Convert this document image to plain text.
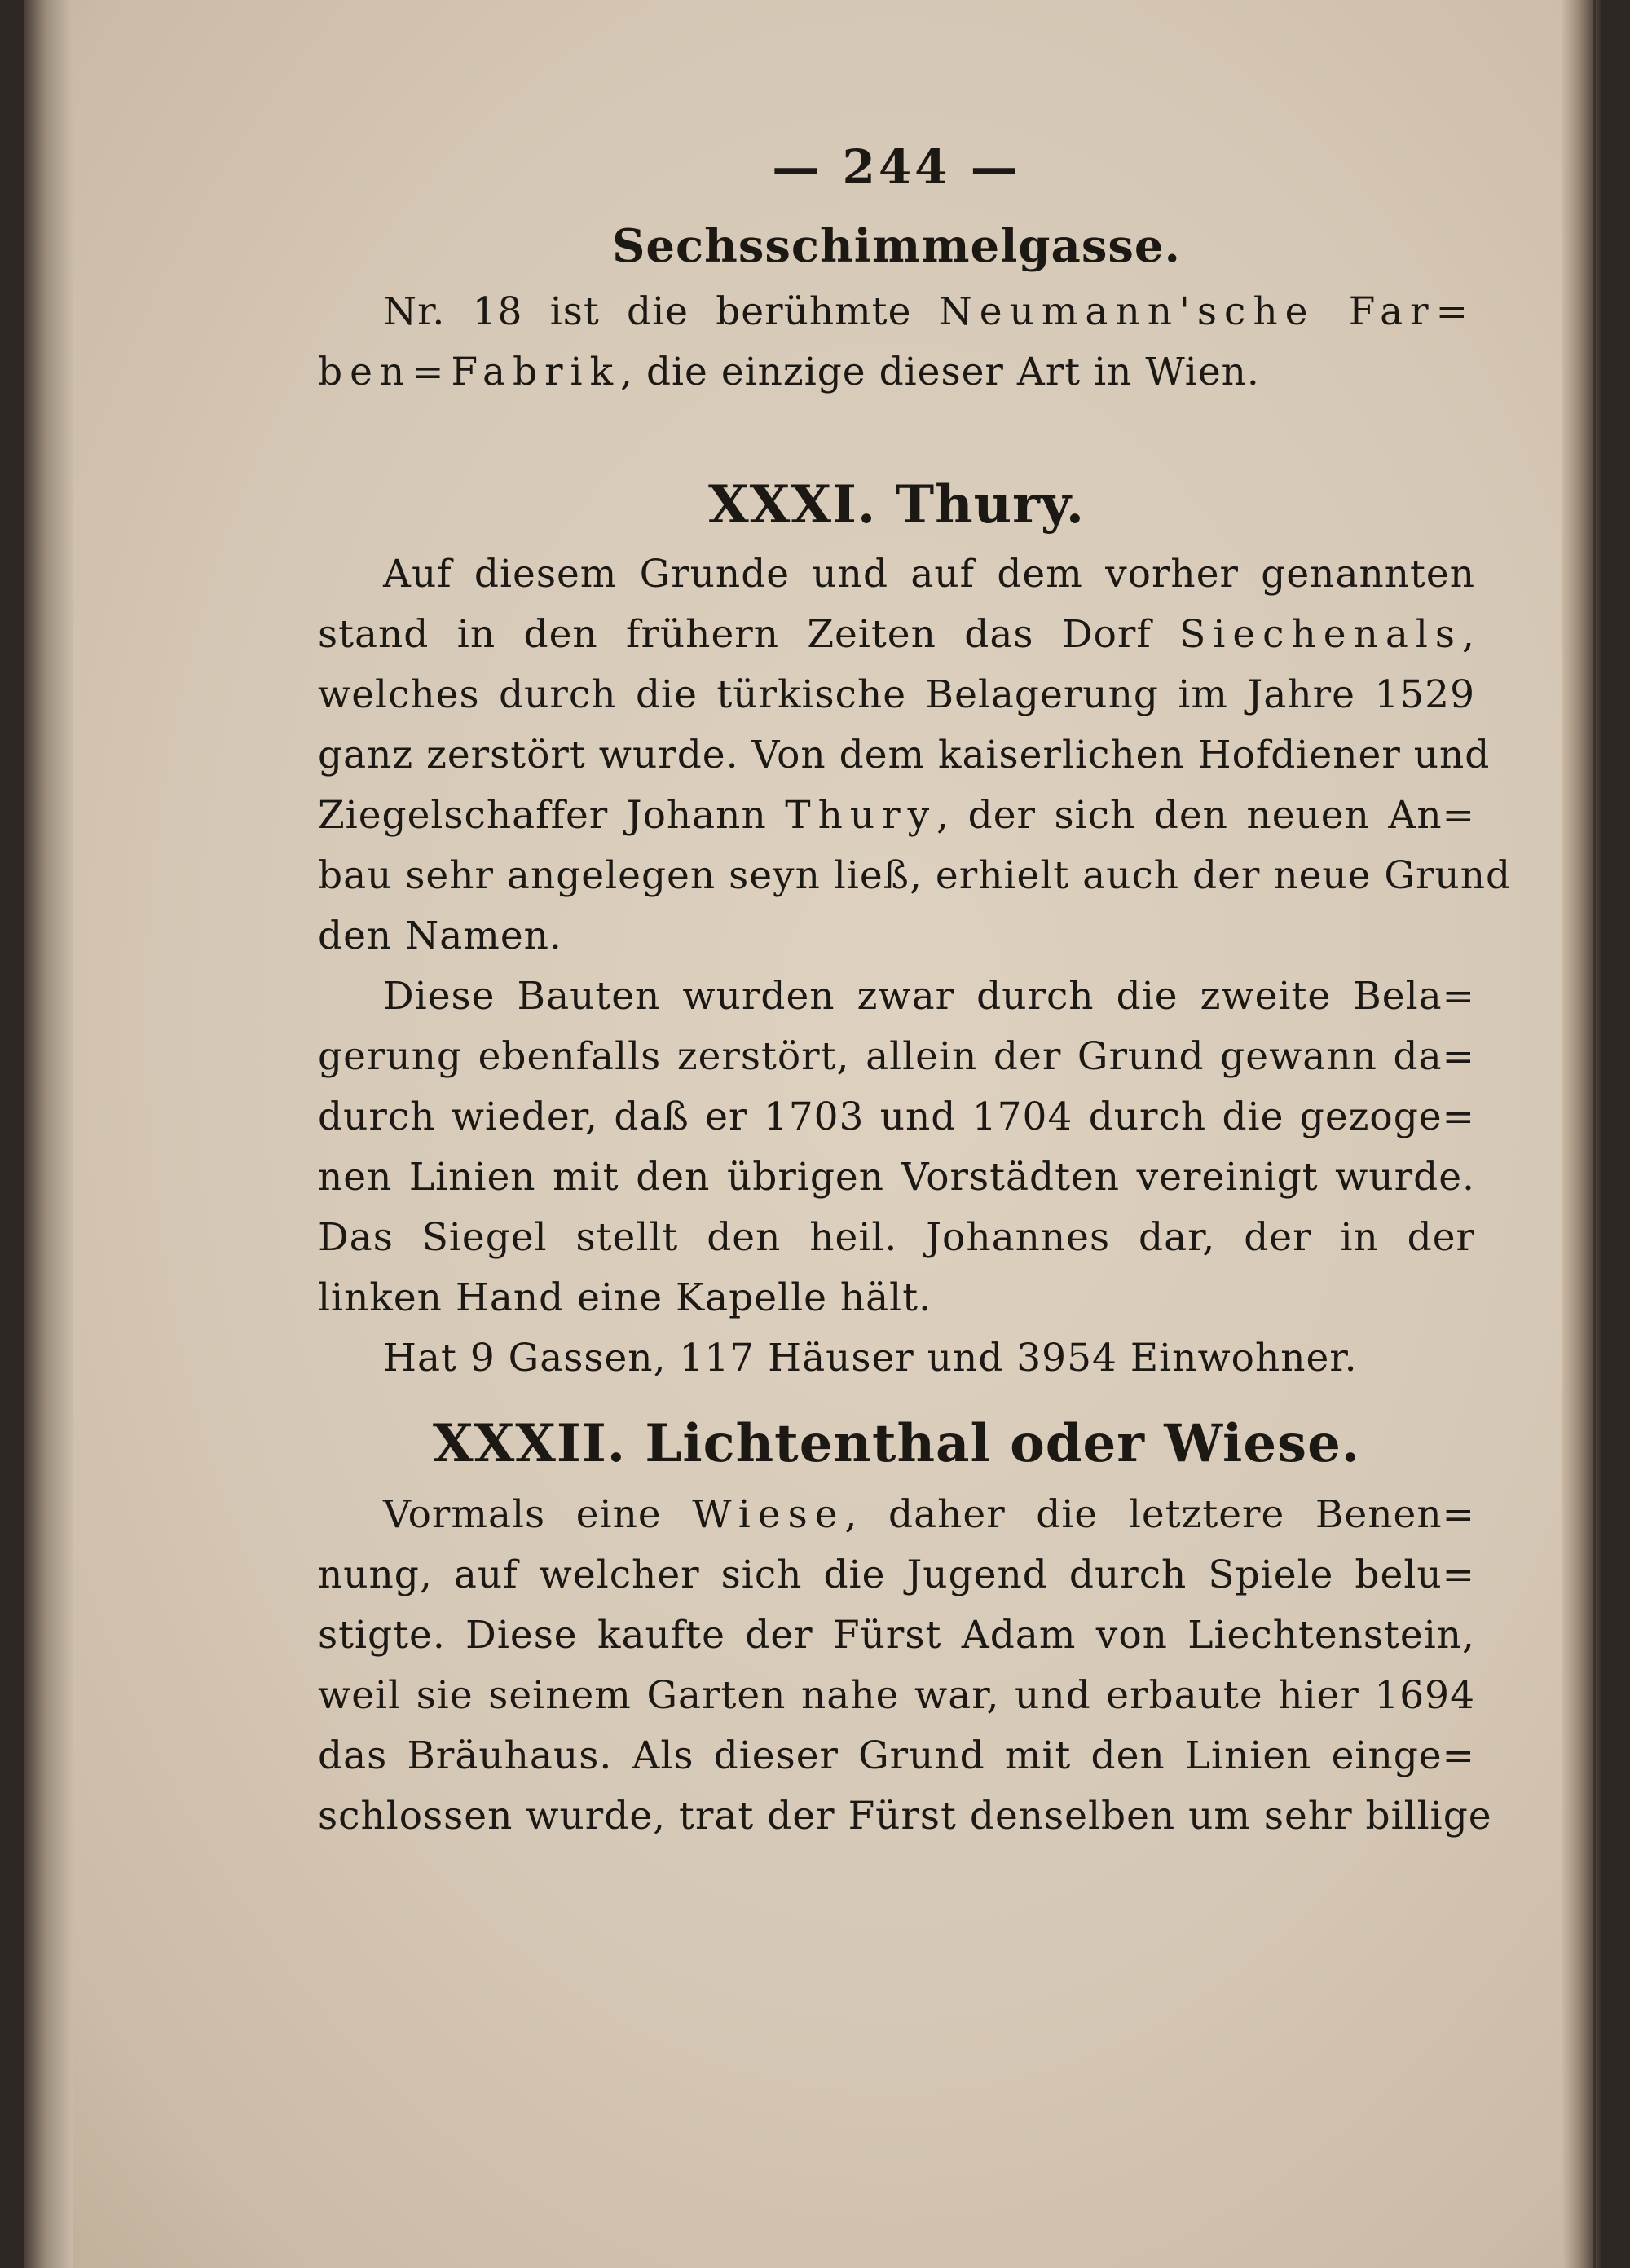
— 244 —
Sechsschimmelgasse.
Nr. 18 ist die berühmte Neumann'sche Far=
ben=Fabrik, die einzige dieser Art in Wien.
XXXI. Thury.
Auf diesem Grunde und auf dem vorher genannten
stand in den frühern Zeiten das Dorf Siechenals,
welches durch die türkische Belagerung im Jahre 1529
ganz zerstört wurde. Von dem kaiserlichen Hofdiener und
Ziegelschaffer Johann Thury, der sich den neuen An=
bau sehr angelegen seyn ließ, erhielt auch der neue Grund
den Namen.
Diese Bauten wurden zwar durch die zweite Bela=
gerung ebenfalls zerstört, allein der Grund gewann da=
durch wieder, daß er 1703 und 1704 durch die gezoge=
nen Linien mit den übrigen Vorstädten vereinigt wurde.
Das Siegel stellt den heil. Johannes dar, der in der
linken Hand eine Kapelle hält.
Hat 9 Gassen, 117 Häuser und 3954 Einwohner.
XXXII. Lichtenthal oder Wiese.
Vormals eine Wiese, daher die letztere Benen=
nung, auf welcher sich die Jugend durch Spiele belu=
stigte. Diese kaufte der Fürst Adam von Liechtenstein,
weil sie seinem Garten nahe war, und erbaute hier 1694
das Bräuhaus. Als dieser Grund mit den Linien einge=
schlossen wurde, trat der Fürst denselben um sehr billige
